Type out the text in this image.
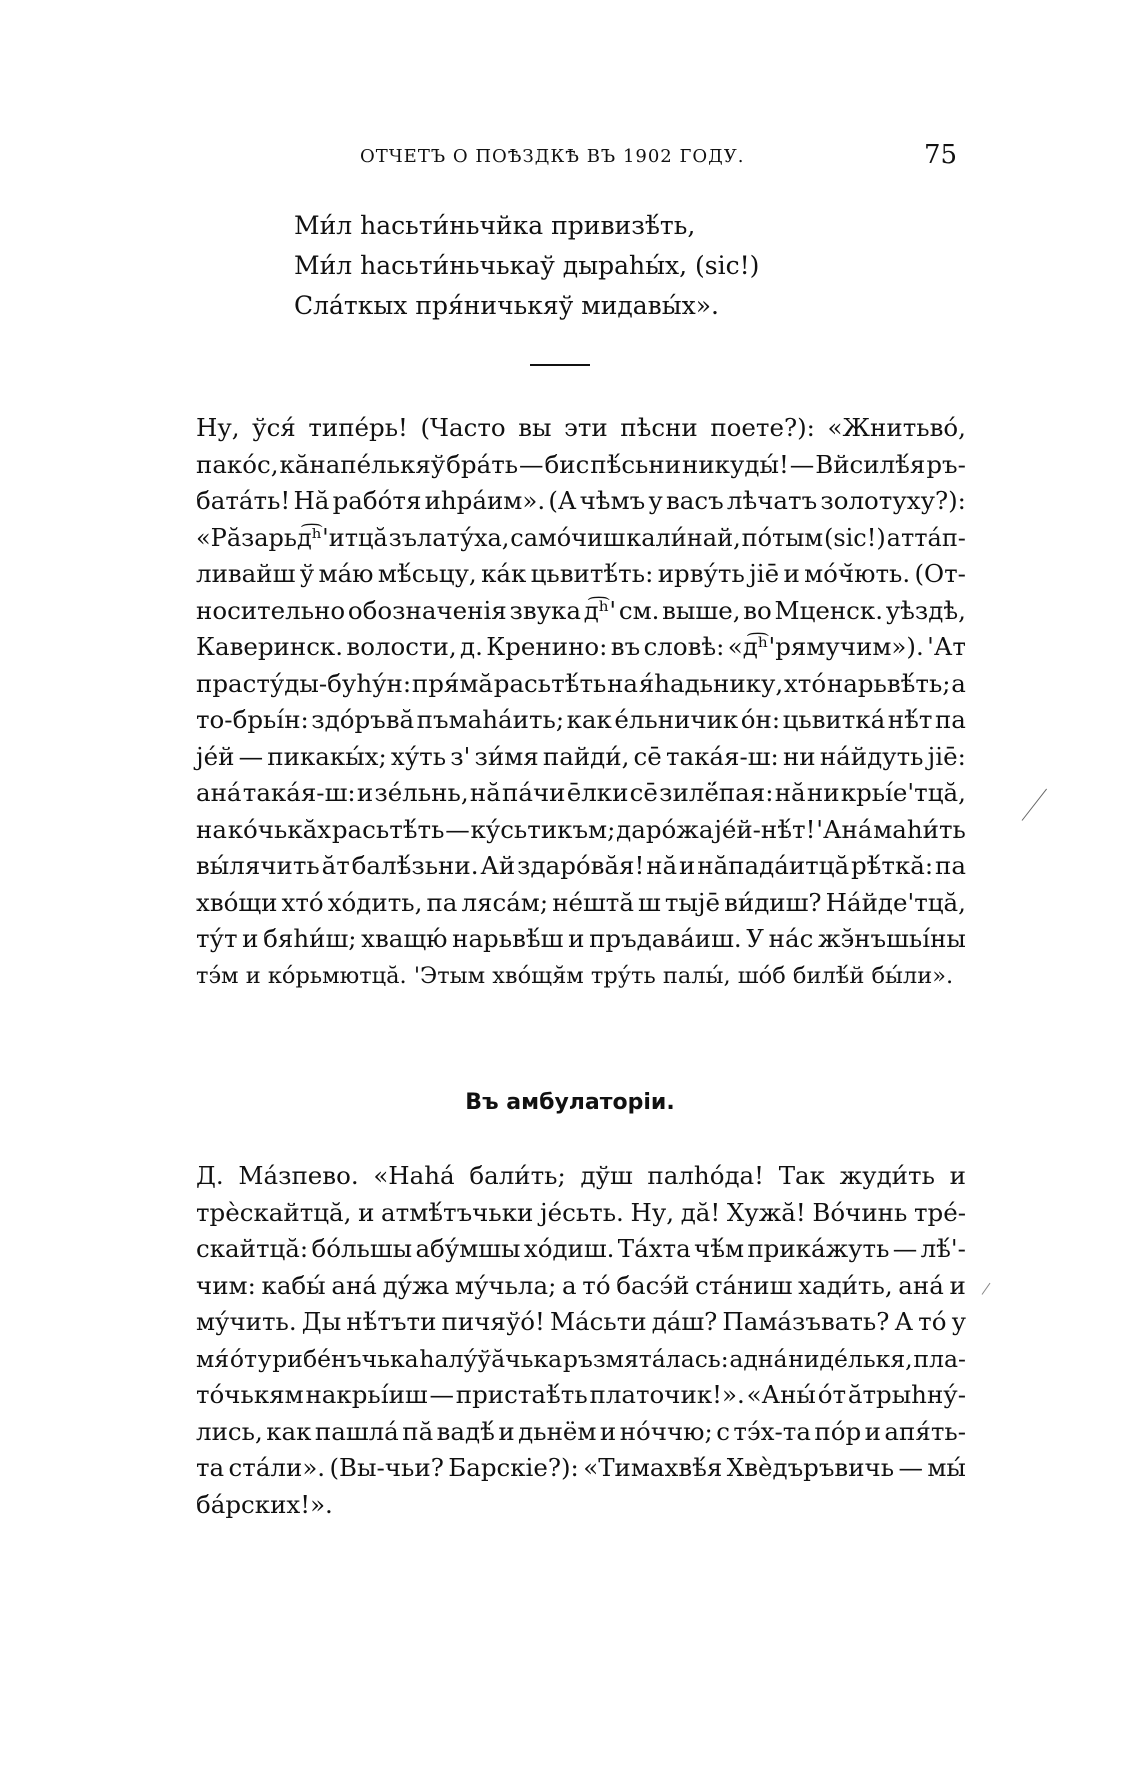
ОТЧЕТЪ О ПОѢЗДКѢ ВЪ 1902 ГОДУ.	75
Ми́л hасьти́ньчйка привизѣ́ть,
Ми́л hасьти́ньчькаў дыраhы́х, (sic!)
Сла́ткых пря́ничькяў мидавы́х».
Ну, ўся́ типе́рь! (Часто вы эти пѣсни поете?): «Жнитьво́,
пако́с, кӑнапе́лькяў бра́ть — бис пѣ́сьни никуды́! — Вйсилѣ́я ръ-
бата́ть! Нӑ рабо́тя иhра́им». (А чѣмъ у васъ лѣчатъ золотуху?):
«Рӑзарьд͡ʰ'итцӑ зълату́ха, само́чиш кали́най, по́тым (sic!) аттáп-
ливайш ў ма́ю мѣ́сьцу, ка́к цьвитѣ́ть: ирву́ть jiе̄ и мо́ч̆ють. (От-
носительно обозначенія звука д͡ʰ' см. выше, во Мценск. уѣздѣ,
Каверинск. волости, д. Кренино: въ словѣ: «д͡ʰ'рямучим»). 'Ат
прасту́ды-буhу́н: пря́мӑ расьтѣ́ть на я́hадьнику, хто́ нарьвѣ́ть; а
то-брьі́н: здо́ръвӑ пъмаhа́ить; как е́льничик о́н: цьвитка́ нѣ́т па
jе́й — пикакы́х; ху́ть з' зи́мя пайди́, се̄ така́я-ш: ни на́йдуть jiе̄:
ана́ така́я-ш: и зе́льнь, нӑ па́чи е̄лки се̄ зилё́пая: нӑ ни крьі́е'тцӑ,
на ко́чькăх расьтѣ́ть — ку́сьтикъм; даро́жа jе́й-нѣ́т! 'Ана́ маhи́ть
вы́лячить ӑт балѣ́зьни. Ай здаро́вӑя! нӑ и нӑпада́итцӑ рѣ́ткӑ: па
хво́щи хто́ хо́дить, па лясáм; не́штӑ ш тыjе̄ ви́диш? На́йде'тцӑ,
ту́т и бяhи́ш; хващю́ нарьвѣ́ш и пръдава́иш. У на́с жэ̆нъшьі́ны
тэ́м и ко́рьмютцӑ. 'Этым хво́щя̆м тру́ть палы́, шо́б билѣ́й бы́ли».
Въ амбулаторіи.
Д. Ма́зпево. «Наhа́ бали́ть; дўш палhо́да! Так жуди́ть и
трѐскайтцӑ, и атмѣ́тъчьки jе́сьть. Ну, дӑ! Хужӑ! Во́чинь тре́-
скайтцӑ: бо́льшы абу́мшы хо́диш. Та́хта чѣ́м прика́жуть — лѣ́'-
чим: кабы́ ана́ ду́жа му́чьла; а то́ басэ́й ста́ниш хади́ть, ана́ и
му́чить. Ды нѣ́тъти пичяўо́! Ма́сьти да́ш? Пама́зъвать? А то́ у
мя́ о́т у рибе́нъчька hалу́ўӑчька ръзмята́лась: адна́ ниде́лькя, пла-
то́чькям накрьі́иш — пристаѣ́ть платочик!». «Аны́ о́т ӑтрыhну́-
лись, как пашла́ пӑ вадѣ́ и дьнём и но́ччю; с тэ́х-та по́р и апя́ть-
та ста́ли». (Вы-чьи? Барскіе?): «Тимахвѣ́я Хвѐдъръвичь — мы́
ба́рских!».
